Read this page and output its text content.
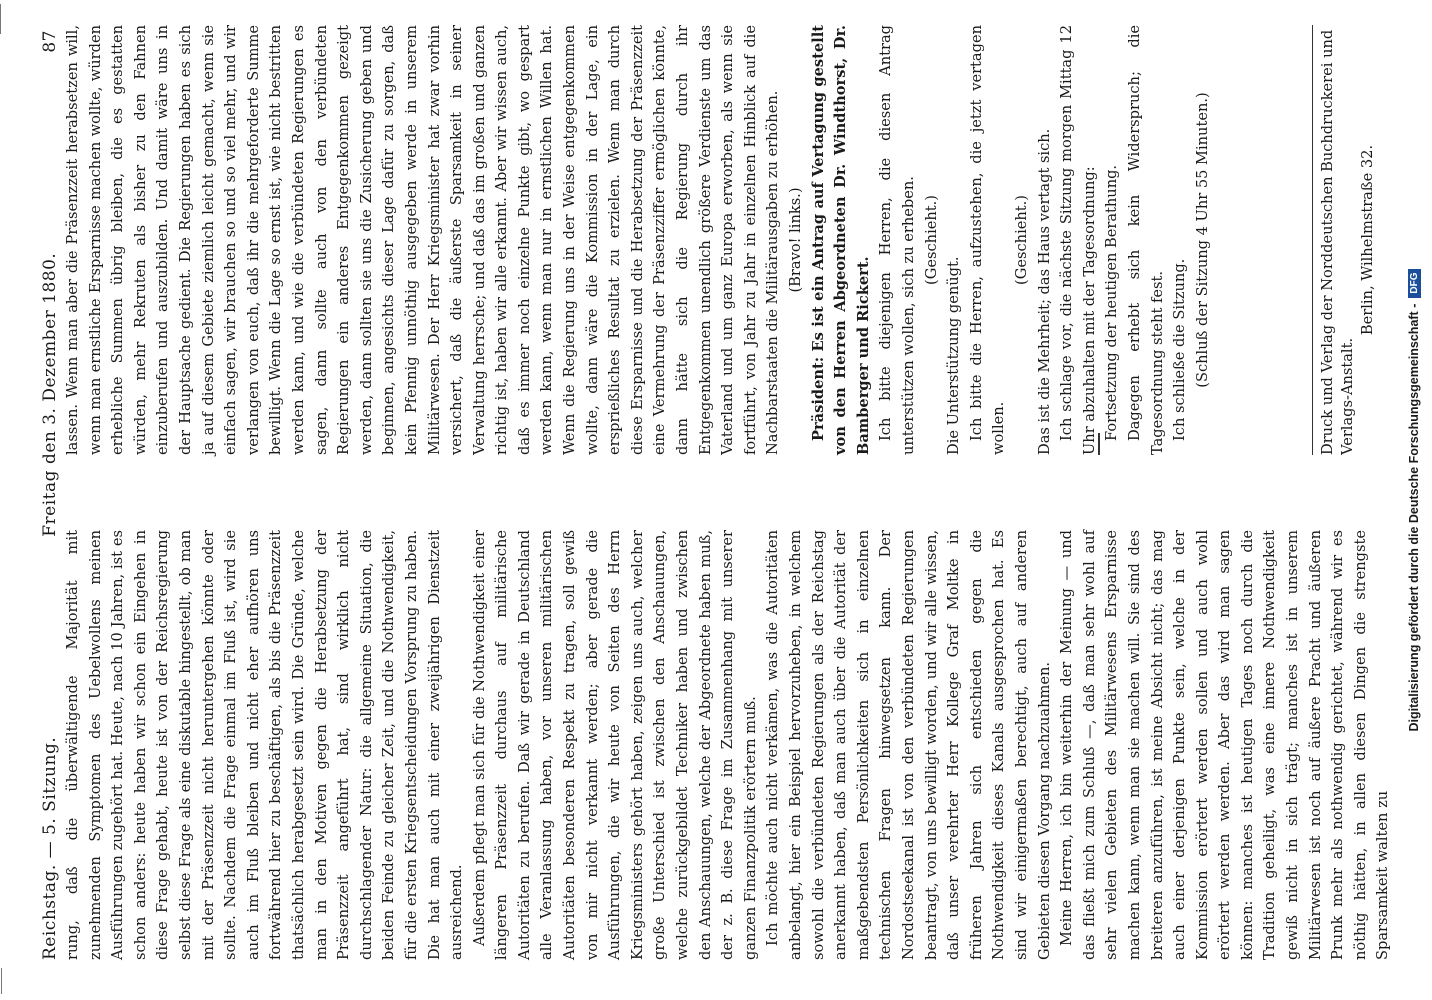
Reichstag. — 5. Sitzung.
Freitag den 3. Dezember 1880.
87

rung, daß die überwältigende Majorität mit zunehmenden Symptomen des Uebelwollens meinen Ausführungen zugehört hat. Heute, nach 10 Jahren, ist es schon anders: heute haben wir schon ein Eingehen in diese Frage gehabt, heute ist von der Reichsregierung selbst diese Frage als eine diskutable hingestellt, ob man mit der Präsenzzeit nicht heruntergehen könnte oder sollte. Nachdem die Frage einmal im Fluß ist, wird sie auch im Fluß bleiben und nicht eher aufhören uns fortwährend hier zu beschäftigen, als bis die Präsenzzeit thatsächlich herabgesetzt sein wird. Die Gründe, welche man in den Motiven gegen die Herabsetzung der Präsenzzeit angeführt hat, sind wirklich nicht durchschlagender Natur: die allgemeine Situation, die beiden Feinde zu gleicher Zeit, und die Nothwendigkeit, für die ersten Kriegsentscheidungen Vorsprung zu haben. Die hat man auch mit einer zweijährigen Dienstzeit ausreichend. Außerdem pflegt man sich für die Nothwendigkeit einer längeren Präsenzzeit durchaus auf militärische Autoritäten zu berufen. Daß wir gerade in Deutschland alle Veranlassung haben, vor unseren militärischen Autoritäten besonderen Respekt zu tragen, soll gewiß von mir nicht verkannt werden; aber gerade die Ausführungen, die wir heute von Seiten des Herrn Kriegsministers gehört haben, zeigen uns auch, welcher große Unterschied ist zwischen den Anschauungen, welche zurückgebildet Techniker haben und zwischen den Anschauungen, welche der Abgeordnete haben muß, der z. B. diese Frage im Zusammenhang mit unserer ganzen Finanzpolitik erörtern muß. Ich möchte auch nicht verkämen, was die Autoritäten anbelangt, hier ein Beispiel hervorzuheben, in welchem sowohl die verbündeten Regierungen als der Reichstag anerkannt haben, daß man auch über die Autorität der maßgebendsten Persönlichkeiten sich in einzelnen technischen Fragen hinwegsetzen kann. Der Nordostseekanal ist von den verbündeten Regierungen beantragt, von uns bewilligt worden, und wir alle wissen, daß unser verehrter Herr Kollege Graf Moltke in früheren Jahren sich entschieden gegen die Nothwendigkeit dieses Kanals ausgesprochen hat. Es sind wir einigermaßen berechtigt, auch auf anderen Gebieten diesen Vorgang nachzuahmen. Meine Herren, ich bin weiterhin der Meinung — und das fließt mich zum Schluß —, daß man sehr wohl auf sehr vielen Gebieten des Militärwesens Ersparnisse machen kann, wenn man sie machen will. Sie sind des breiteren anzuführen, ist meine Absicht nicht; das mag auch einer derjenigen Punkte sein, welche in der Kommission erörtert werden sollen und auch wohl erörtert werden werden. Aber das wird man sagen können: manches ist heutigen Tages noch durch die Tradition geheiligt, was eine innere Nothwendigkeit gewiß nicht in sich trägt; manches ist in unserem Militärwesen ist noch auf äußere Pracht und äußeren Prunk mehr als nothwendig gerichtet, während wir es nöthig hätten, in allen diesen Dingen die strengste Sparsamkeit walten zu

lassen. Wenn man aber die Präsenzzeit herabsetzen will, wenn man ernstliche Ersparnisse machen wollte, würden erhebliche Summen übrig bleiben, die es gestatten würden, mehr Rekruten als bisher zu den Fahnen einzuberufen und auszubilden. Und damit wäre uns in der Hauptsache gedient. Die Regierungen haben es sich ja auf diesem Gebiete ziemlich leicht gemacht, wenn sie einfach sagen, wir brauchen so und so viel mehr, und wir verlangen von euch, daß ihr die mehrgeforderte Summe bewilligt. Wenn die Lage so ernst ist, wie nicht bestritten werden kann, und wie die verbündeten Regierungen es sagen, dann sollte auch von den verbündeten Regierungen ein anderes Entgegenkommen gezeigt werden, dann sollten sie uns die Zusicherung geben und beginnen, angesichts dieser Lage dafür zu sorgen, daß kein Pfennig unnöthig ausgegeben werde in unserem Militärwesen. Der Herr Kriegsminister hat zwar vorhin versichert, daß die äußerste Sparsamkeit in seiner Verwaltung herrsche; und daß das im großen und ganzen richtig ist, haben wir alle erkannt. Aber wir wissen auch, daß es immer noch einzelne Punkte gibt, wo gespart werden kann, wenn man nur in ernstlichen Willen hat. Wenn die Regierung uns in der Weise entgegenkommen wollte, dann wäre die Kommission in der Lage, ein ersprießliches Resultat zu erzielen. Wenn man durch diese Ersparnisse und die Herabsetzung der Präsenzzeit eine Vermehrung der Präsenzziffer ermöglichen könnte, dann hätte sich die Regierung durch ihr Entgegenkommen unendlich größere Verdienste um das Vaterland und um ganz Europa erworben, als wenn sie fortführt, von Jahr zu Jahr in einzelnen Hinblick auf die Nachbarstaaten die Militärausgaben zu erhöhen. (Bravo! links.) Präsident: Es ist ein Antrag auf Vertagung gestellt von den Herren Abgeordneten Dr. Windthorst, Dr. Bamberger und Rickert. Ich bitte diejenigen Herren, die diesen Antrag unterstützen wollen, sich zu erheben. (Geschieht.)

Die Unterstützung genügt. Ich bitte die Herren, aufzustehen, die jetzt vertagen wollen.

(Geschieht.) Das ist die Mehrheit; das Haus vertagt sich. Ich schlage vor, die nächste Sitzung morgen Mittag 12 Uhr abzuhalten mit der Tagesordnung: Fortsetzung der heutigen Berathung. Dagegen erhebt sich kein Widerspruch; die Tagesordnung steht fest. Ich schließe die Sitzung. (Schluß der Sitzung 4 Uhr 55 Minuten.)	Druck und Verlag der Norddeutschen Buchdruckerei und Verlags-Anstalt.
Berlin, Wilhelmstraße 32.
Digitalisierung gefördert durch die Deutsche Forschungsgemeinschaft -
DFG
